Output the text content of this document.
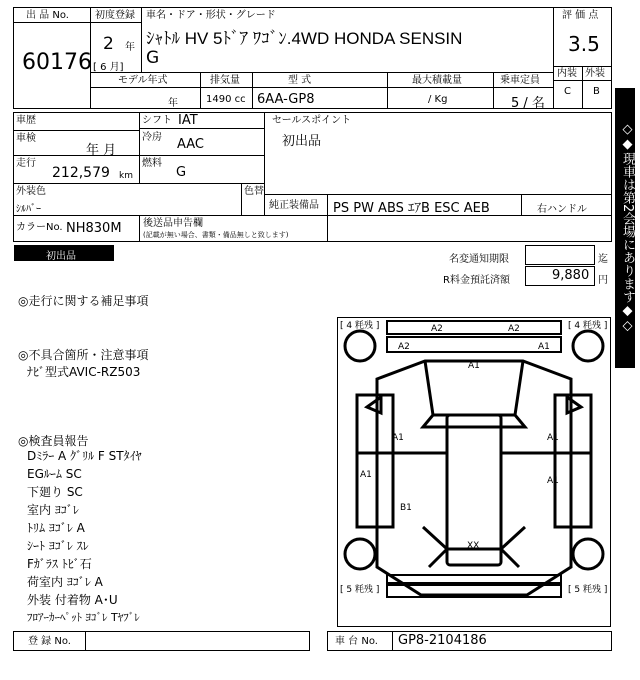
出 品 No.
60176
初度登録
2 年
[ 6 月]
車名・ドア・形状・グレード
ｼｬﾄﾙ HV 5ﾄﾞｱ ﾜｺﾞﾝ.4WD HONDA SENSIN
G
評 価 点
3.5
内装 外装
C B
モデル年式
年
排気量
1490 cc
型 式
6AA-GP8
最大積載量
/ Kg
乗車定員
5 / 名
車歴	シフト IAT
車検
年 月
冷房 AAC
走行
212,579 km
燃料
G
外装色
ｼﾙﾊﾞｰ
色替
セールスポイント
初出品
純正装備品 PS PW ABS ｴｱB ESC AEB	右ハンドル
カラーNo. NH830M 後送品申告欄
(記載が無い場合、書類・備品無しと致します)
初出品	◇◆現車は第2会場にあります◆◇
名変通知期限	迄
R料金預託済額	9,880 円
◎走行に関する補足事項
◎不具合箇所・注意事項
ﾅﾋﾞ型式AVIC-RZ503
◎検査員報告
Dﾐﾗｰ A ｸﾞﾘﾙ F STﾀｲﾔ
EGﾙｰﾑ SC
下廻り SC
室内 ﾖｺﾞﾚ
ﾄﾘﾑ ﾖｺﾞﾚ A
ｼｰﾄ ﾖｺﾞﾚ ｽﾚ
Fｶﾞﾗｽ ﾄﾋﾞ石
荷室内 ﾖｺﾞﾚ A
外装 付着物 A･U
ﾌﾛｱｰｶｰﾍﾟｯﾄ ﾖｺﾞﾚ Tﾔﾌﾞﾚ
[ 4 粍残 ]	[ 4 粍残 ]
[ 5 粍残 ]	[ 5 粍残 ]
A2	A2
A2	A1
A1
A1	A1
A1
A1
B1
XX
登 録 No.	車 台 No. GP8-2104186
